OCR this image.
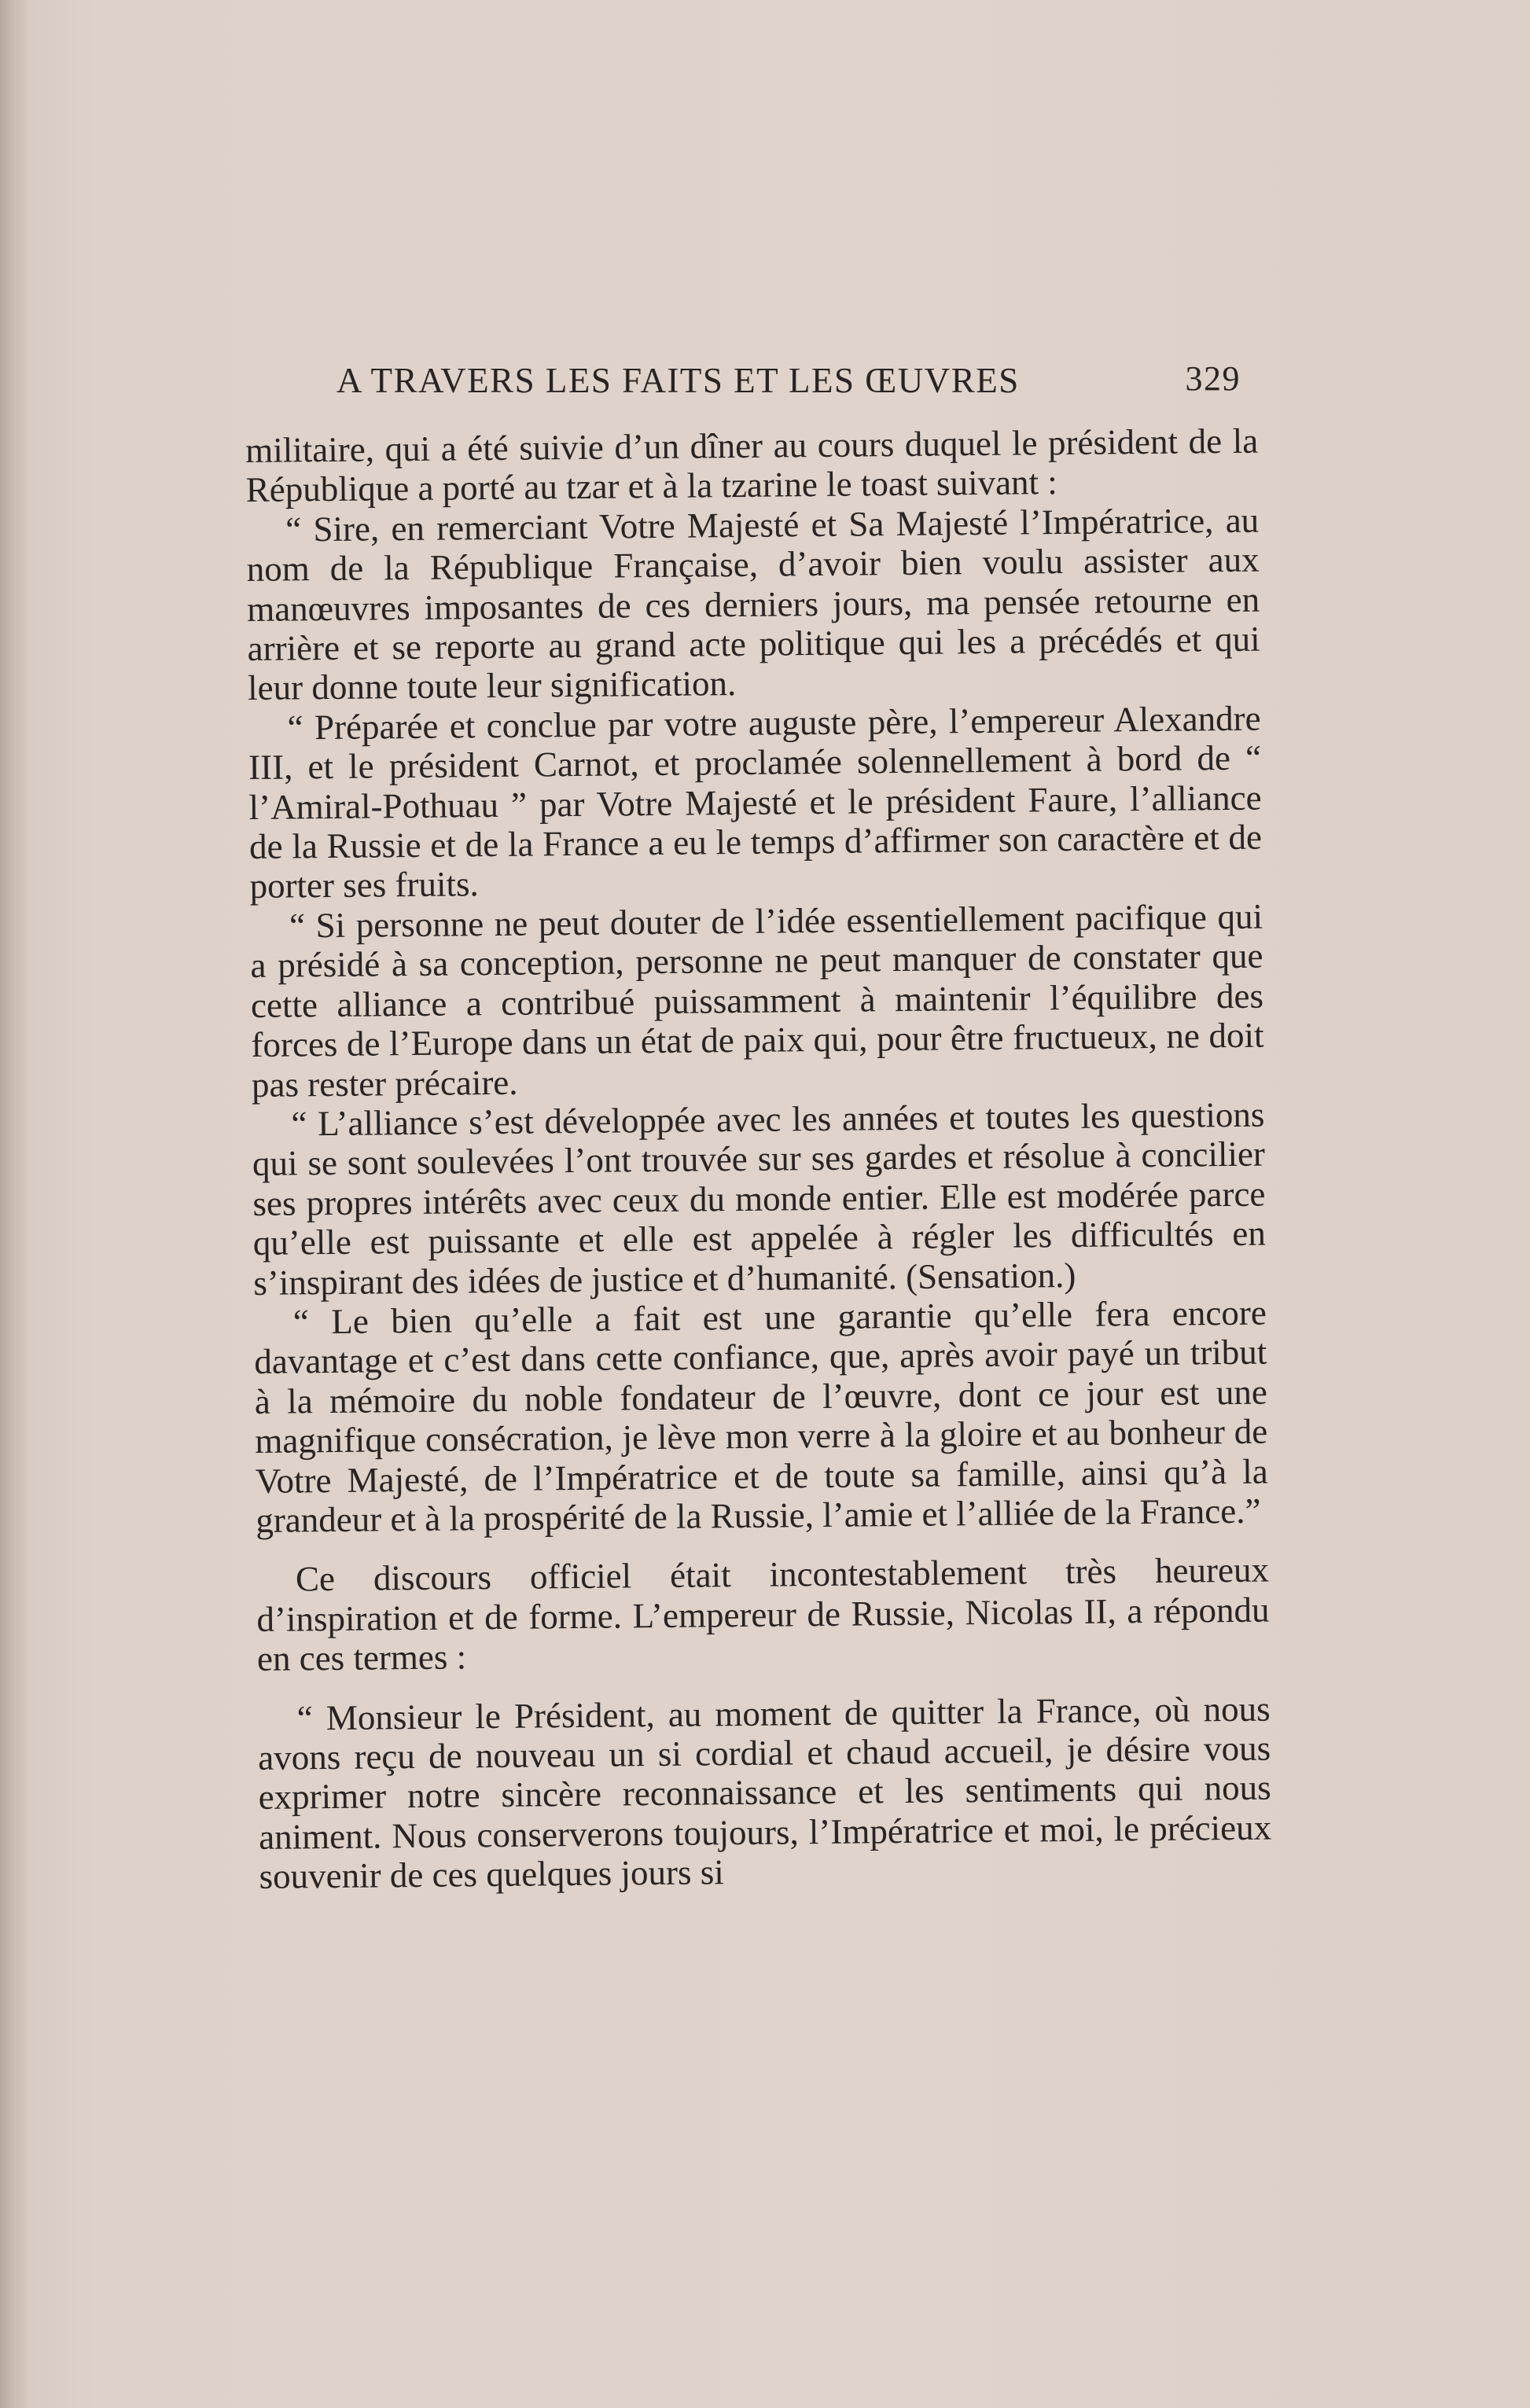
A TRAVERS LES FAITS ET LES ŒUVRES	329

militaire, qui a été suivie d’un dîner au cours duquel le président de la République a porté au tzar et à la tzarine le toast suivant :

“ Sire, en remerciant Votre Majesté et Sa Majesté l’Impératrice, au nom de la République Française, d’avoir bien voulu assister aux manœuvres imposantes de ces derniers jours, ma pensée retourne en arrière et se reporte au grand acte politique qui les a précédés et qui leur donne toute leur signification.

“ Préparée et conclue par votre auguste père, l’empereur Alexandre III, et le président Carnot, et proclamée solennellement à bord de “ l’Amiral-Pothuau ” par Votre Majesté et le président Faure, l’alliance de la Russie et de la France a eu le temps d’affirmer son caractère et de porter ses fruits.

“ Si personne ne peut douter de l’idée essentiellement pacifique qui a présidé à sa conception, personne ne peut manquer de constater que cette alliance a contribué puissamment à maintenir l’équilibre des forces de l’Europe dans un état de paix qui, pour être fructueux, ne doit pas rester précaire.

“ L’alliance s’est développée avec les années et toutes les questions qui se sont soulevées l’ont trouvée sur ses gardes et résolue à concilier ses propres intérêts avec ceux du monde entier. Elle est modérée parce qu’elle est puissante et elle est appelée à régler les difficultés en s’inspirant des idées de justice et d’humanité. (Sensation.)

“ Le bien qu’elle a fait est une garantie qu’elle fera encore davantage et c’est dans cette confiance, que, après avoir payé un tribut à la mémoire du noble fondateur de l’œuvre, dont ce jour est une magnifique consécration, je lève mon verre à la gloire et au bonheur de Votre Majesté, de l’Impératrice et de toute sa famille, ainsi qu’à la grandeur et à la prospérité de la Russie, l’amie et l’alliée de la France.”

Ce discours officiel était incontestablement très heureux d’inspiration et de forme. L’empereur de Russie, Nicolas II, a répondu en ces termes :

“ Monsieur le Président, au moment de quitter la France, où nous avons reçu de nouveau un si cordial et chaud accueil, je désire vous exprimer notre sincère reconnaissance et les sentiments qui nous animent. Nous conserverons toujours, l’Impératrice et moi, le précieux souvenir de ces quelques jours si
